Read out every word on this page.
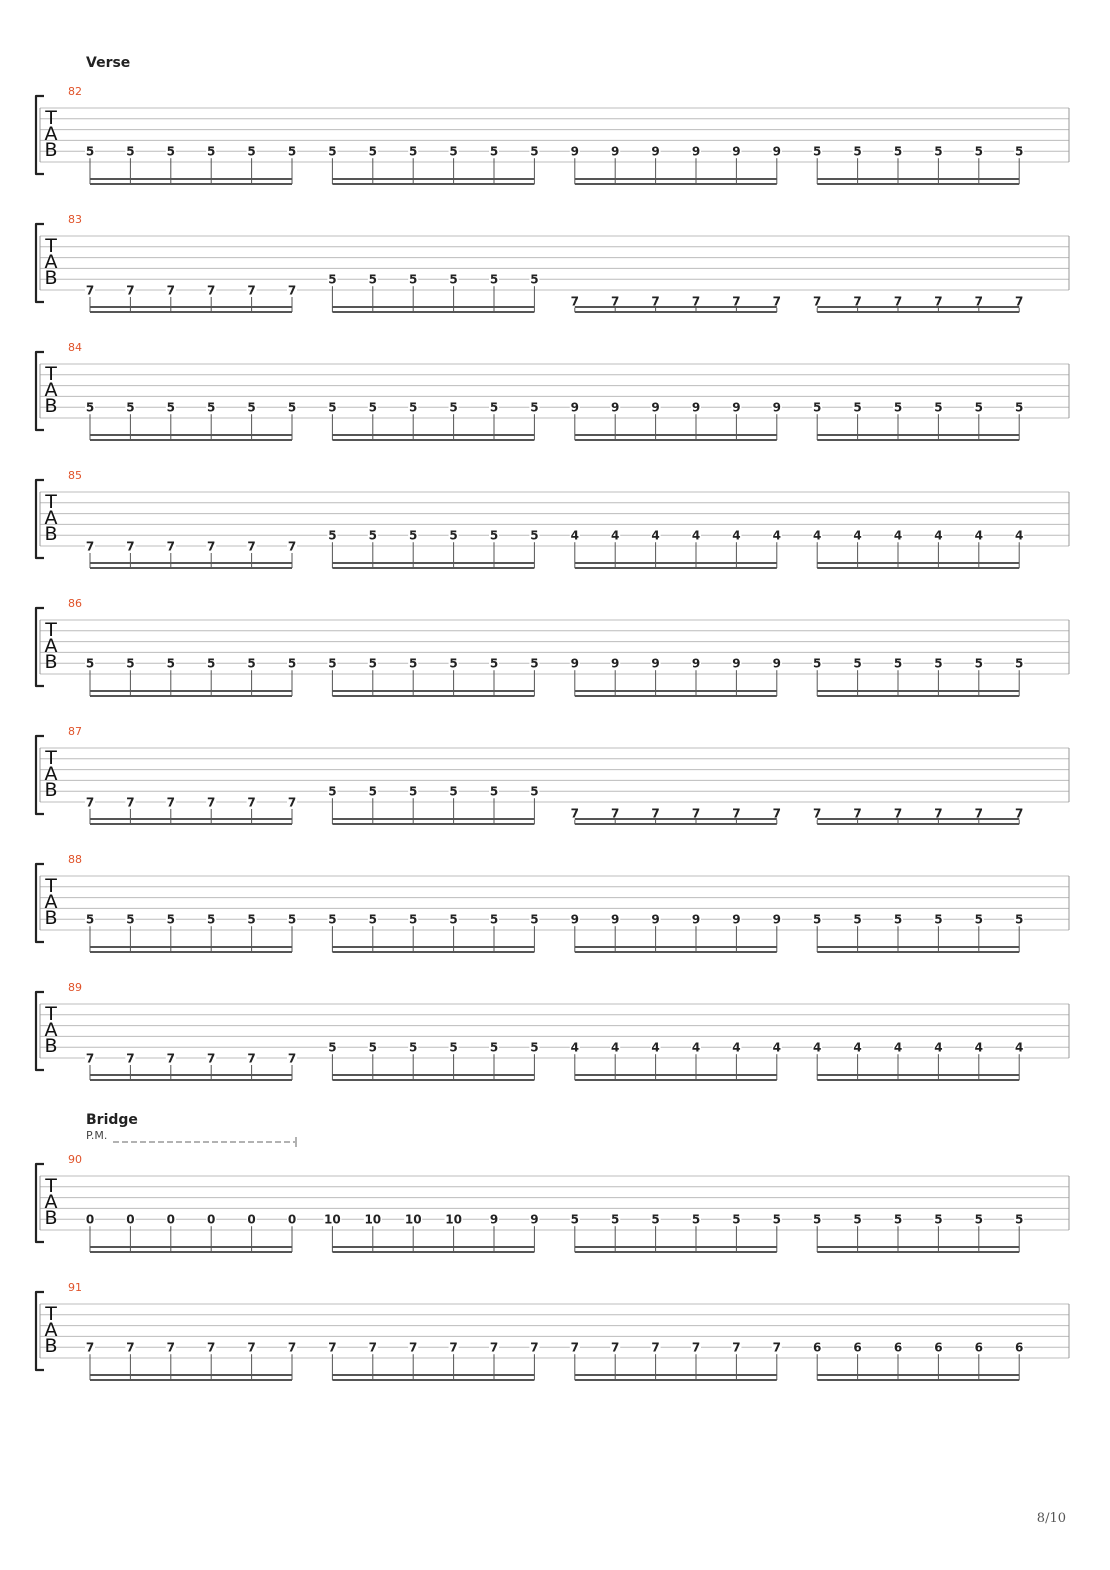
Verse
82
T
A
B 5	5	5	5	5	5	5	5	5	5	5	5	9	9	9	9	9	9	5	5	5	5	5	5
83
T
A
B
7	7	7	7	7	7
5	5	5	5	5	5
7	7	7	7	7	7	7	7	7	7	7	7
84
T
A
B 5	5	5	5	5	5	5	5	5	5	5	5	9	9	9	9	9	9	5	5	5	5	5	5
85
T
A
B
7	7	7	7	7	7
5	5	5	5	5	5	4	4	4	4	4	4	4	4	4	4	4	4
86
T
A
B 5	5	5	5	5	5	5	5	5	5	5	5	9	9	9	9	9	9	5	5	5	5	5	5
87
T
A
B
7	7	7	7	7	7
5	5	5	5	5	5
7	7	7	7	7	7	7	7	7	7	7	7
88
T
A
B 5	5	5	5	5	5	5	5	5	5	5	5	9	9	9	9	9	9	5	5	5	5	5	5
89
T
A
B
7	7	7	7	7	7
5	5	5	5	5	5	4	4	4	4	4	4	4	4	4	4	4	4
Bridge
P.M.
90
T
A
B 0	0	0	0	0	0 10 10 10 10 9	9	5	5	5	5	5	5	5	5	5	5	5	5
91
T
A
B 7	7	7	7	7	7	7	7	7	7	7	7	7	7	7	7	7	7	6	6	6	6	6	6
8/10
